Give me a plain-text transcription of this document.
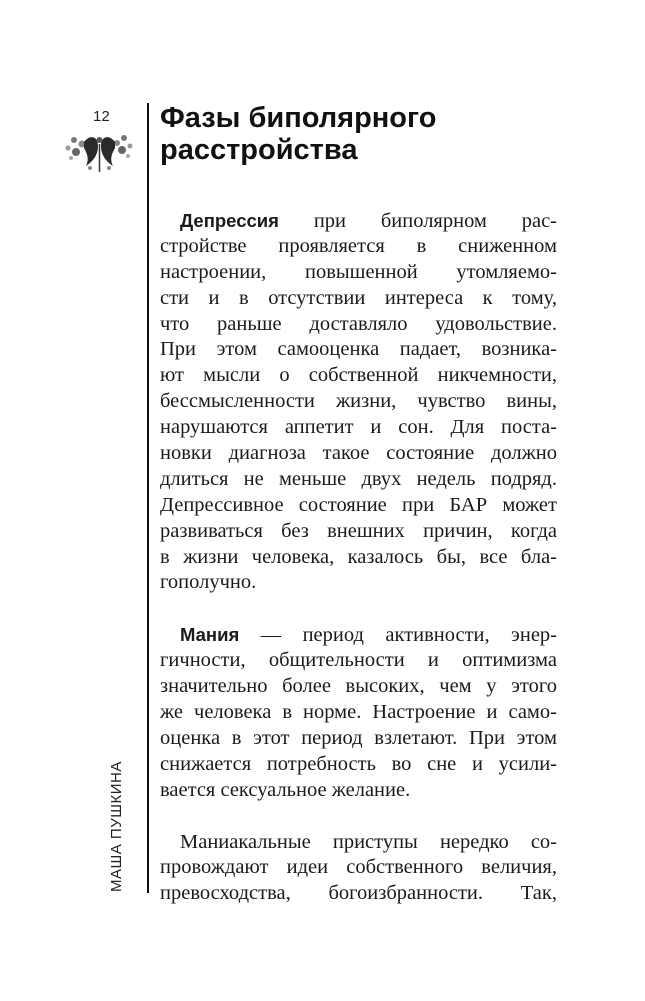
12
МАША ПУШКИНА
Фазы биполярного
расстройства

Депрессия при биполярном рас-
стройстве проявляется в сниженном
настроении, повышенной утомляемо-
сти и в отсутствии интереса к тому,
что раньше доставляло удовольствие.
При этом самооценка падает, возника-
ют мысли о собственной никчемности,
бессмысленности жизни, чувство вины,
нарушаются аппетит и сон. Для поста-
новки диагноза такое состояние должно
длиться не меньше двух недель подряд.
Депрессивное состояние при БАР может
развиваться без внешних причин, когда
в жизни человека, казалось бы, все бла-
гополучно.

Мания — период активности, энер-
гичности, общительности и оптимизма
значительно более высоких, чем у этого
же человека в норме. Настроение и само-
оценка в этот период взлетают. При этом
снижается потребность во сне и усили-
вается сексуальное желание.

Маниакальные приступы нередко со-
провождают идеи собственного величия,
превосходства, богоизбранности. Так,
